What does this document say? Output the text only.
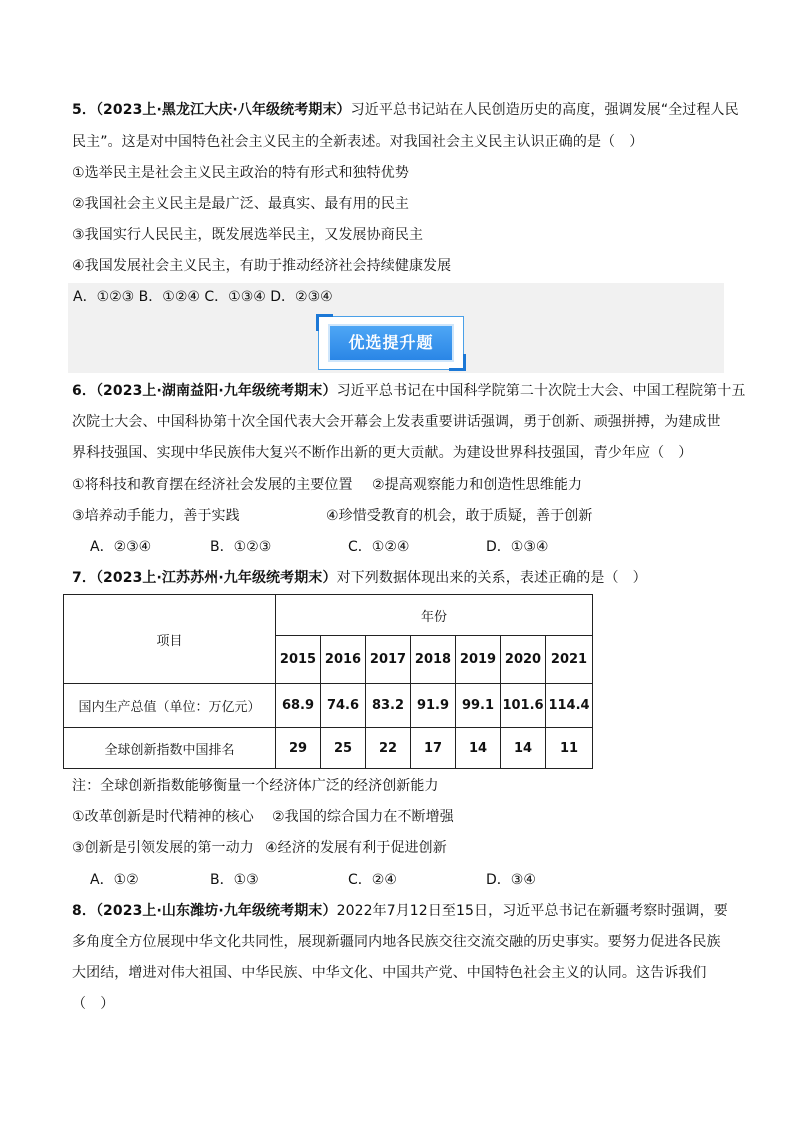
5．（2023上·黑龙江大庆·八年级统考期末）习近平总书记站在人民创造历史的高度，强调发展“全过程人民
民主”。这是对中国特色社会主义民主的全新表述。对我国社会主义民主认识正确的是（　）
①选举民主是社会主义民主政治的特有形式和独特优势
②我国社会主义民主是最广泛、最真实、最有用的民主
③我国实行人民民主，既发展选举民主，又发展协商民主
④我国发展社会主义民主，有助于推动经济社会持续健康发展
A．①②③ B．①②④ C．①③④ D．②③④
优选提升题
6．（2023上·湖南益阳·九年级统考期末）习近平总书记在中国科学院第二十次院士大会、中国工程院第十五
次院士大会、中国科协第十次全国代表大会开幕会上发表重要讲话强调，勇于创新、顽强拼搏，为建成世
界科技强国、实现中华民族伟大复兴不断作出新的更大贡献。为建设世界科技强国，青少年应（　）
①将科技和教育摆在经济社会发展的主要位置 ②提高观察能力和创造性思维能力
③培养动手能力，善于实践	④珍惜受教育的机会，敢于质疑，善于创新
A．②③④	B．①②③	C．①②④	D．①③④
7．（2023上·江苏苏州·九年级统考期末）对下列数据体现出来的关系，表述正确的是（　）
项目	年份						
	2015	2016	2017	2018	2019	2020	2021
国内生产总值（单位：万亿元）	68.9	74.6	83.2	91.9	99.1	101.6	114.4
全球创新指数中国排名	29	25	22	17	14	14	11
注：全球创新指数能够衡量一个经济体广泛的经济创新能力
①改革创新是时代精神的核心 ②我国的综合国力在不断增强
③创新是引领发展的第一动力 ④经济的发展有利于促进创新
A．①②	B．①③	C．②④	D．③④
8．（2023上·山东潍坊·九年级统考期末）2022年7月12日至15日，习近平总书记在新疆考察时强调，要
多角度全方位展现中华文化共同性，展现新疆同内地各民族交往交流交融的历史事实。要努力促进各民族
大团结，增进对伟大祖国、中华民族、中华文化、中国共产党、中国特色社会主义的认同。这告诉我们
（　）
